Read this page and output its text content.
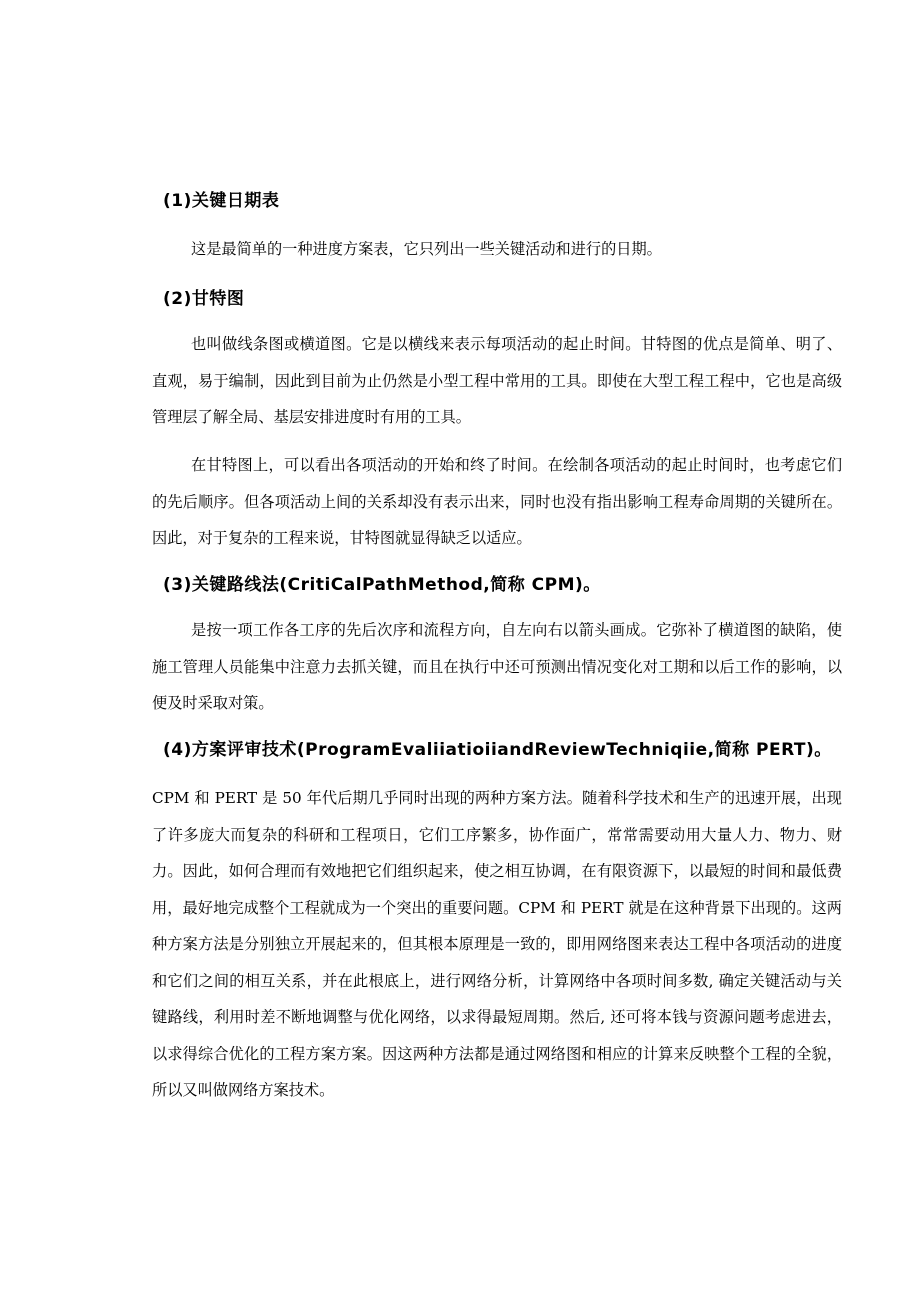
(1)关键日期表
这是最简单的一种进度方案表，它只列出一些关键活动和进行的日期。
(2)甘特图
也叫做线条图或横道图。它是以横线来表示每项活动的起止时间。甘特图的优点是简单、明了、直观，易于编制，因此到目前为止仍然是小型工程中常用的工具。即使在大型工程工程中，它也是高级管理层了解全局、基层安排进度时有用的工具。
在甘特图上，可以看出各项活动的开始和终了时间。在绘制各项活动的起止时间时，也考虑它们的先后顺序。但各项活动上间的关系却没有表示出来，同时也没有指出影响工程寿命周期的关键所在。因此，对于复杂的工程来说，甘特图就显得缺乏以适应。
(3)关键路线法(CritiCalPathMethod,简称 CPM)。
是按一项工作各工序的先后次序和流程方向，自左向右以箭头画成。它弥补了横道图的缺陷，使施工管理人员能集中注意力去抓关键，而且在执行中还可预测出情况变化对工期和以后工作的影响，以便及时采取对策。
(4)方案评审技术(ProgramEvaliiatioiiandReviewTechniqiie,简称 PERT)。
CPM 和 PERT 是 50 年代后期几乎同时出现的两种方案方法。随着科学技术和生产的迅速开展，出现了许多庞大而复杂的科研和工程项日，它们工序繁多，协作面广，常常需要动用大量人力、物力、财力。因此，如何合理而有效地把它们组织起来，使之相互协调，在有限资源下，以最短的时间和最低费用，最好地完成整个工程就成为一个突出的重要问题。CPM 和 PERT 就是在这种背景下出现的。这两种方案方法是分别独立开展起来的，但其根本原理是一致的，即用网络图来表达工程中各项活动的进度和它们之间的相互关系，并在此根底上，进行网络分析，计算网络中各项时间多数, 确定关键活动与关键路线，利用时差不断地调整与优化网络，以求得最短周期。然后, 还可将本钱与资源问题考虑进去，以求得综合优化的工程方案方案。因这两种方法都是通过网络图和相应的计算来反映整个工程的全貌，所以又叫做网络方案技术。
